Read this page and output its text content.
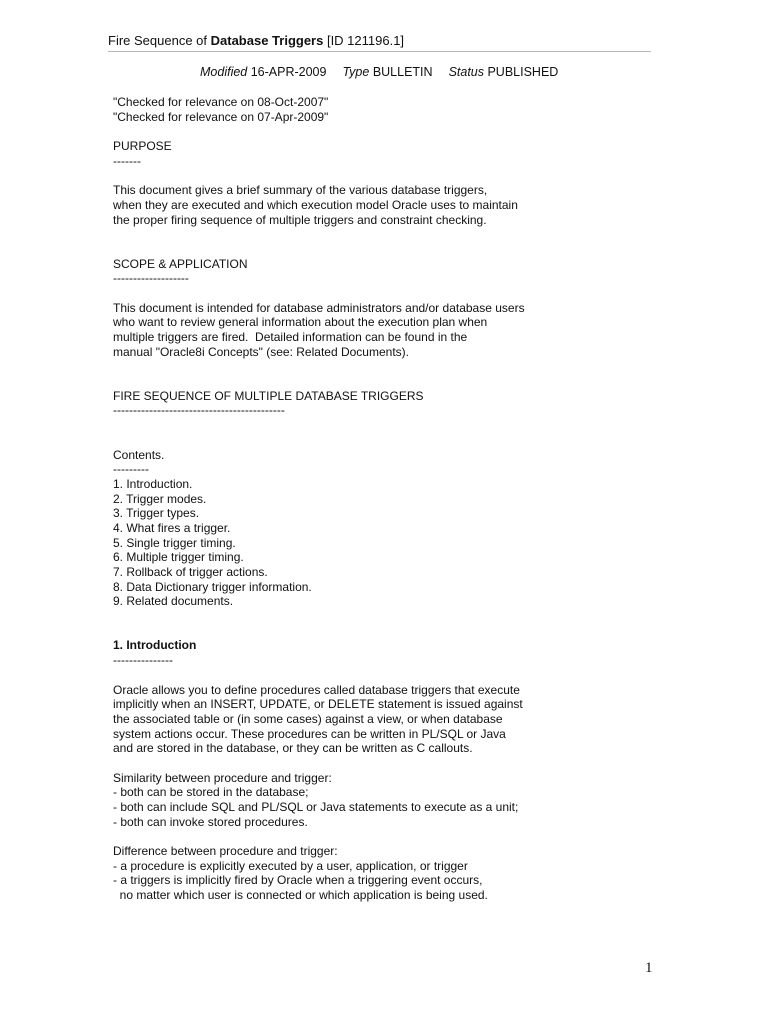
Fire Sequence of Database Triggers [ID 121196.1]
Modified 16-APR-2009 Type BULLETIN Status PUBLISHED
"Checked for relevance on 08-Oct-2007"
"Checked for relevance on 07-Apr-2009"
PURPOSE
-------
This document gives a brief summary of the various database triggers,
when they are executed and which execution model Oracle uses to maintain
the proper firing sequence of multiple triggers and constraint checking.
SCOPE & APPLICATION
-------------------
This document is intended for database administrators and/or database users
who want to review general information about the execution plan when
multiple triggers are fired.  Detailed information can be found in the
manual "Oracle8i Concepts" (see: Related Documents).
FIRE SEQUENCE OF MULTIPLE DATABASE TRIGGERS
-------------------------------------------
Contents.
---------
1. Introduction.
2. Trigger modes.
3. Trigger types.
4. What fires a trigger.
5. Single trigger timing.
6. Multiple trigger timing.
7. Rollback of trigger actions.
8. Data Dictionary trigger information.
9. Related documents.
1. Introduction
---------------
Oracle allows you to define procedures called database triggers that execute
implicitly when an INSERT, UPDATE, or DELETE statement is issued against
the associated table or (in some cases) against a view, or when database
system actions occur. These procedures can be written in PL/SQL or Java
and are stored in the database, or they can be written as C callouts.
Similarity between procedure and trigger:
- both can be stored in the database;
- both can include SQL and PL/SQL or Java statements to execute as a unit;
- both can invoke stored procedures.
Difference between procedure and trigger:
- a procedure is explicitly executed by a user, application, or trigger
- a triggers is implicitly fired by Oracle when a triggering event occurs,
no matter which user is connected or which application is being used.
1
